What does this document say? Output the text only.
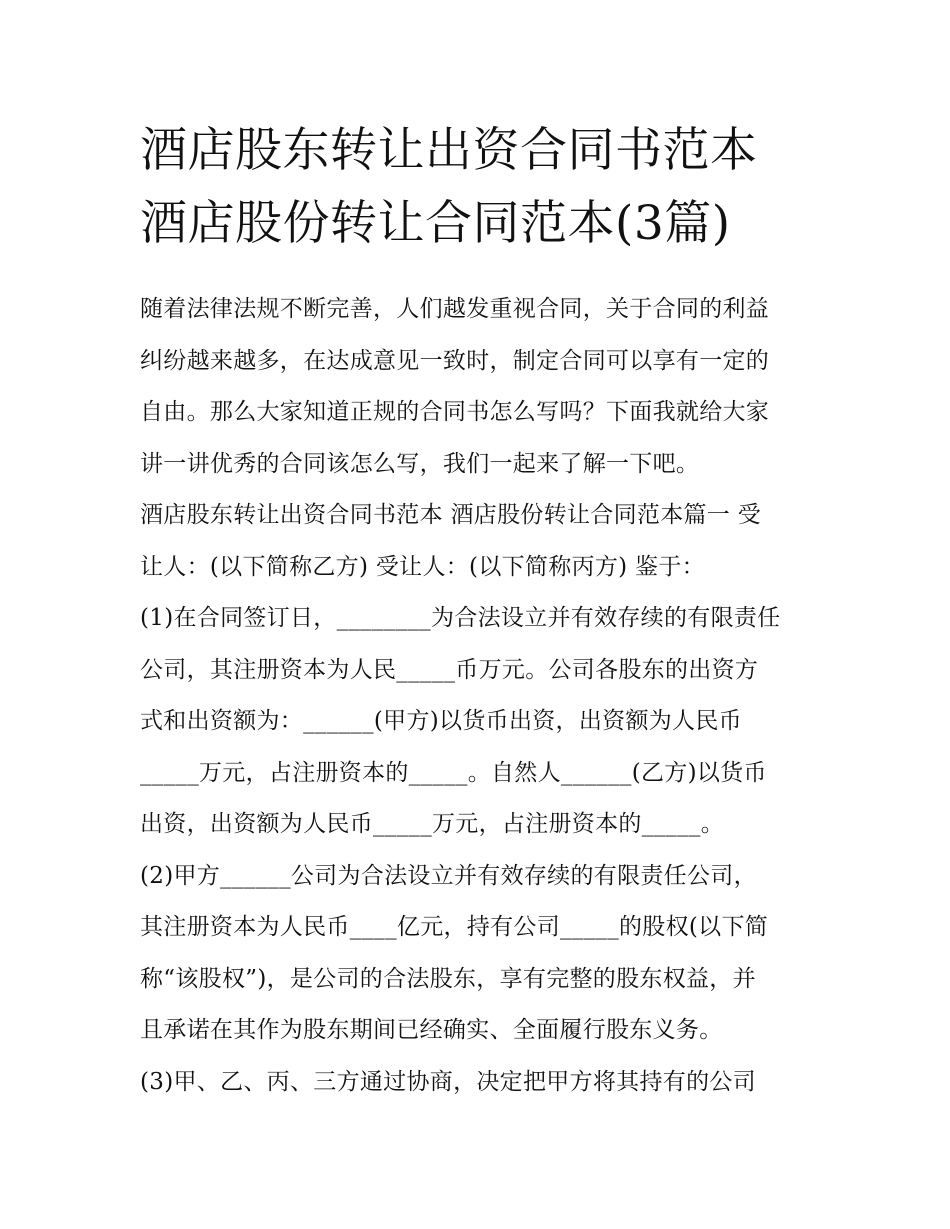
酒店股东转让出资合同书范本
酒店股份转让合同范本(3篇)

随着法律法规不断完善，人们越发重视合同，关于合同的利益
纠纷越来越多，在达成意见一致时，制定合同可以享有一定的
自由。那么大家知道正规的合同书怎么写吗？下面我就给大家
讲一讲优秀的合同该怎么写，我们一起来了解一下吧。

酒店股东转让出资合同书范本 酒店股份转让合同范本篇一 受
让人：(以下简称乙方) 受让人：(以下简称丙方) 鉴于：

(1)在合同签订日，________为合法设立并有效存续的有限责任
公司，其注册资本为人民_____币万元。公司各股东的出资方
式和出资额为：______(甲方)以货币出资，出资额为人民币
_____万元，占注册资本的_____。自然人______(乙方)以货币
出资，出资额为人民币_____万元，占注册资本的_____。

(2)甲方______公司为合法设立并有效存续的有限责任公司，
其注册资本为人民币____亿元，持有公司_____的股权(以下简
称“该股权”)，是公司的合法股东，享有完整的股东权益，并
且承诺在其作为股东期间已经确实、全面履行股东义务。

(3)甲、乙、丙、三方通过协商，决定把甲方将其持有的公司
